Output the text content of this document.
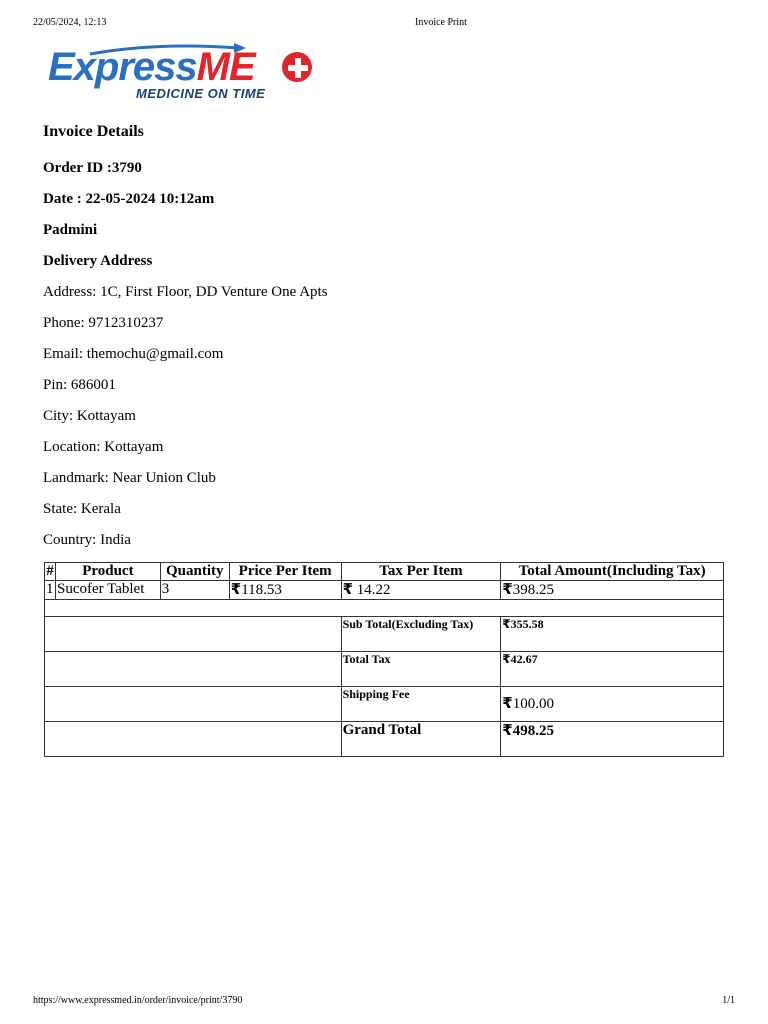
22/05/2024, 12:13	Invoice Print
ExpressME
MEDICINE ON TIME
Invoice Details
Order ID :3790
Date : 22-05-2024 10:12am
Padmini
Delivery Address
Address: 1C, First Floor, DD Venture One Apts
Phone: 9712310237
Email: themochu@gmail.com
Pin: 686001
City: Kottayam
Location: Kottayam
Landmark: Near Union Club
State: Kerala
Country: India
#	Product	Quantity	Price Per Item	Tax Per Item	Total Amount(Including Tax)
1	Sucofer Tablet	3	₹118.53	₹ 14.22	₹398.25

				Sub Total(Excluding Tax)	₹355.58
				Total Tax	₹42.67
				Shipping Fee	₹100.00
				Grand Total	₹498.25
https://www.expressmed.in/order/invoice/print/3790	1/1
